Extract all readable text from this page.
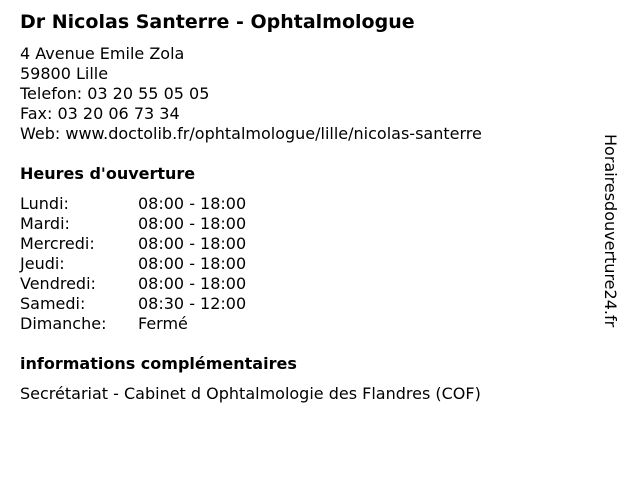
Dr Nicolas Santerre - Ophtalmologue
4 Avenue Emile Zola
59800 Lille
Telefon: 03 20 55 05 05
Fax: 03 20 06 73 34
Web: www.doctolib.fr/ophtalmologue/lille/nicolas-santerre
Heures d'ouverture
Lundi:	08:00 - 18:00
Mardi:	08:00 - 18:00
Mercredi:	08:00 - 18:00
Jeudi:	08:00 - 18:00
Vendredi:	08:00 - 18:00
Samedi:	08:30 - 12:00
Dimanche:	Fermé
informations complémentaires
Secrétariat - Cabinet d Ophtalmologie des Flandres (COF)
Horairesdouverture24.fr
